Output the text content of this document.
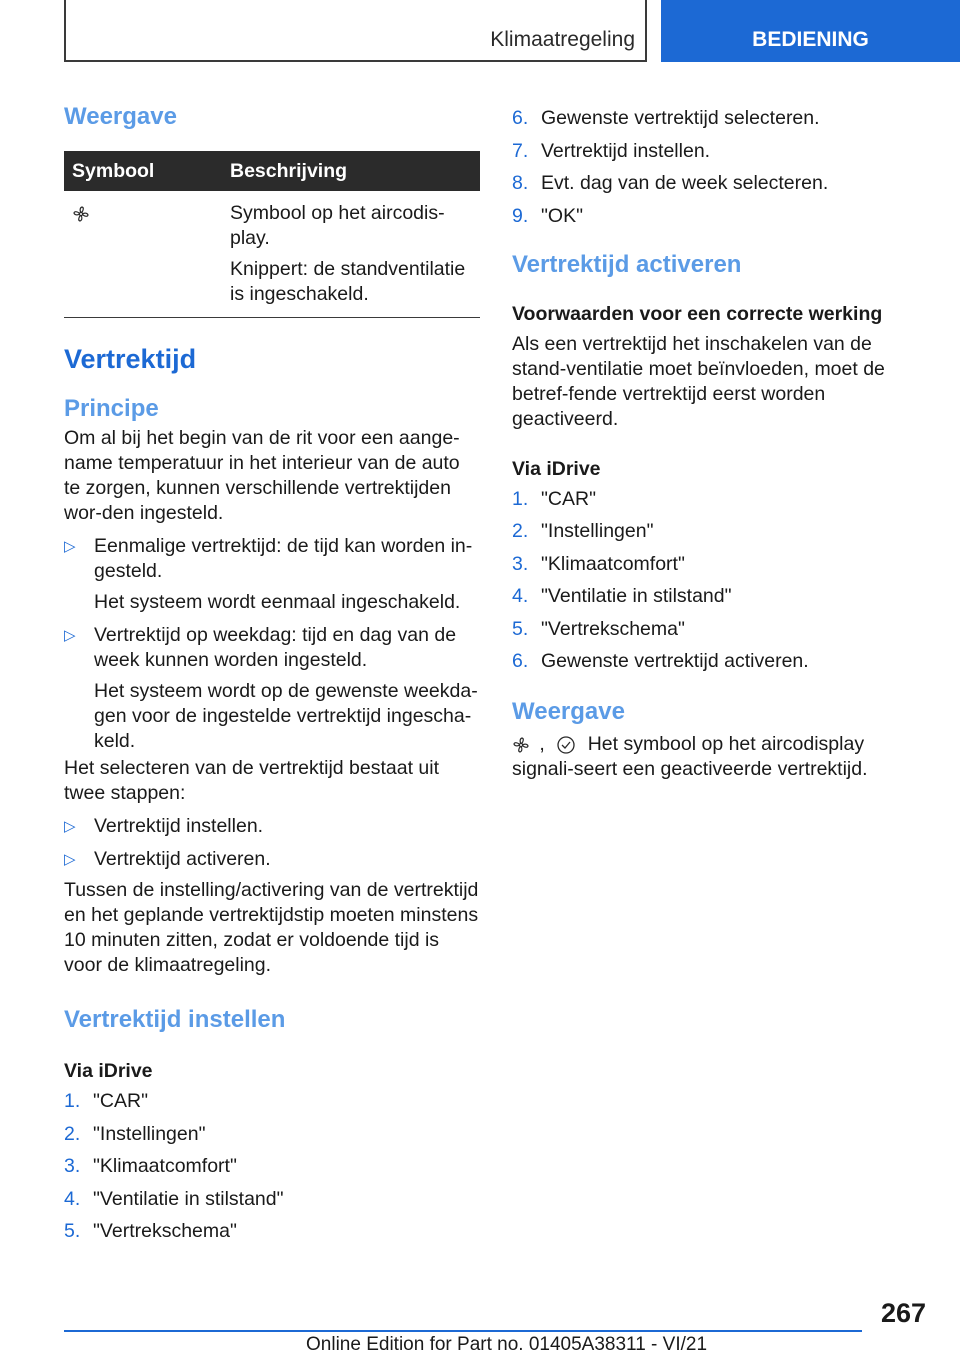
Klimaatregeling	BEDIENING
Weergave
Symbool	Beschrijving

Symbool op het aircodis-play.
Knippert: de standventilatie is ingeschakeld.
Vertrektijd
Principe

Om al bij het begin van de rit voor een aange-name temperatuur in het interieur van de auto te zorgen, kunnen verschillende vertrektijden wor-den ingesteld.

▷ Eenmalige vertrektijd: de tijd kan worden in-gesteld.
Het systeem wordt eenmaal ingeschakeld.
▷ Vertrektijd op weekdag: tijd en dag van de week kunnen worden ingesteld.
Het systeem wordt op de gewenste weekda-gen voor de ingestelde vertrektijd ingescha-keld.

Het selecteren van de vertrektijd bestaat uit twee stappen:

▷ Vertrektijd instellen.
▷ Vertrektijd activeren.

Tussen de instelling/activering van de vertrektijd en het geplande vertrektijdstip moeten minstens 10 minuten zitten, zodat er voldoende tijd is voor de klimaatregeling.

Vertrektijd instellen
Via iDrive
1. "CAR"
2. "Instellingen"
3. "Klimaatcomfort"
4. "Ventilatie in stilstand"
5. "Vertrekschema"
6. Gewenste vertrektijd selecteren.
7. Vertrektijd instellen.
8. Evt. dag van de week selecteren.
9. "OK"
Vertrektijd activeren
Voorwaarden voor een correcte werking

Als een vertrektijd het inschakelen van de stand-ventilatie moet beïnvloeden, moet de betref-fende vertrektijd eerst worden geactiveerd.

Via iDrive
1. "CAR"
2. "Instellingen"
3. "Klimaatcomfort"
4. "Ventilatie in stilstand"
5. "Vertrekschema"
6. Gewenste vertrektijd activeren.
Weergave

, Het symbool op het aircodisplay signali-seert een geactiveerde vertrektijd.

267
Online Edition for Part no. 01405A38311 - VI/21
